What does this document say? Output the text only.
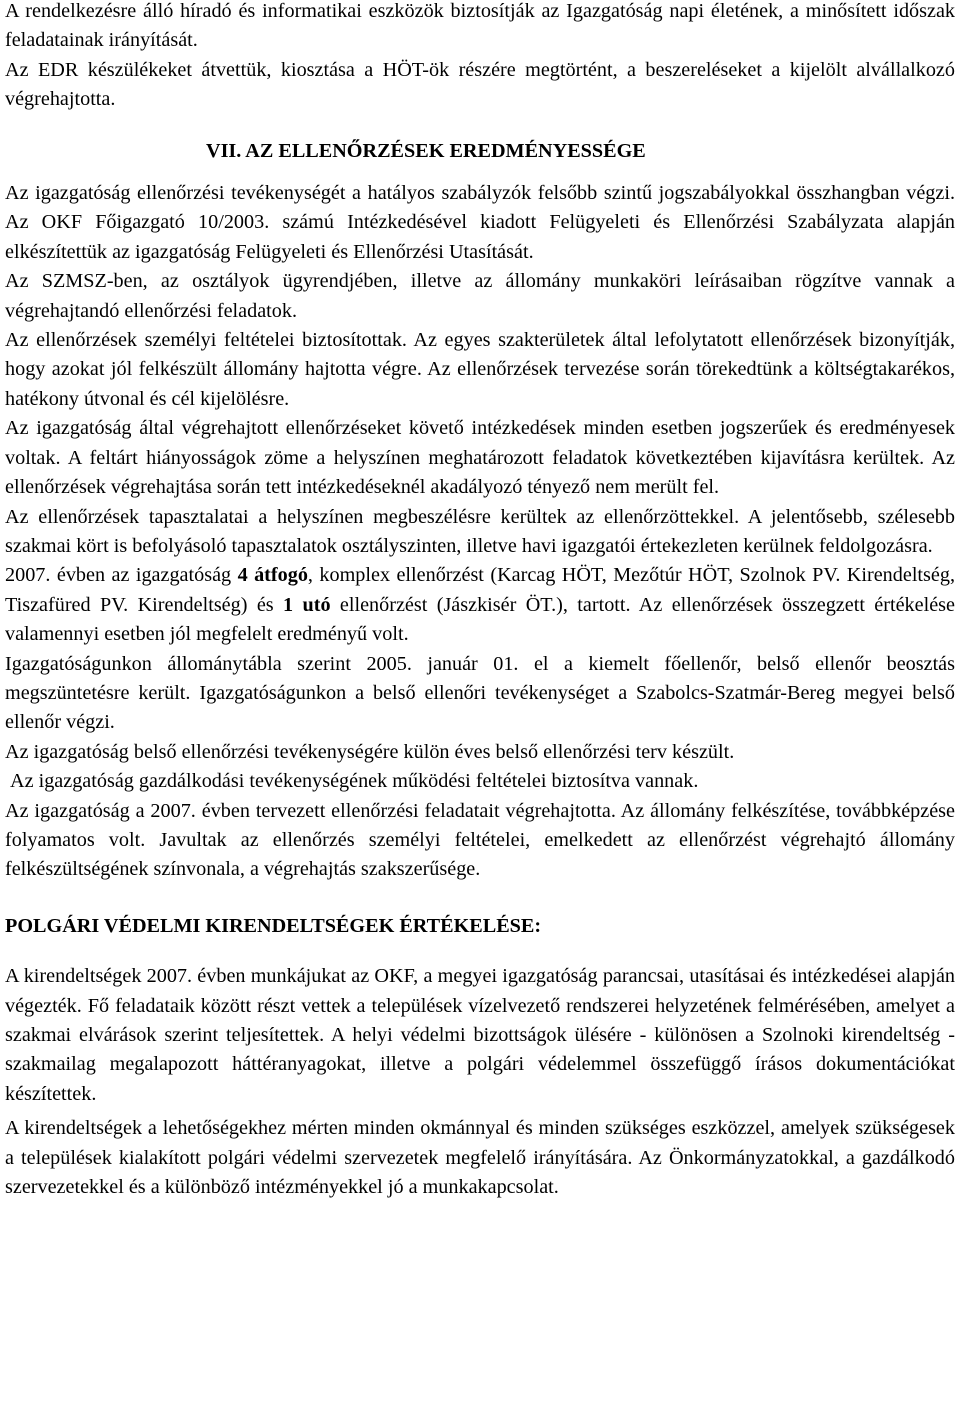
A rendelkezésre álló híradó és informatikai eszközök biztosítják az Igazgatóság napi életének, a minősített időszak feladatainak irányítását.

Az EDR készülékeket átvettük, kiosztása a HÖT-ök részére megtörtént, a beszereléseket a kijelölt alvállalkozó végrehajtotta.

VII. AZ ELLENŐRZÉSEK EREDMÉNYESSÉGE

Az igazgatóság ellenőrzési tevékenységét a hatályos szabályzók felsőbb szintű jogszabályokkal összhangban végzi. Az OKF Főigazgató 10/2003. számú Intézkedésével kiadott Felügyeleti és Ellenőrzési Szabályzata alapján elkészítettük az igazgatóság Felügyeleti és Ellenőrzési Utasítását.

Az SZMSZ-ben, az osztályok ügyrendjében, illetve az állomány munkaköri leírásaiban rögzítve vannak a végrehajtandó ellenőrzési feladatok.

Az ellenőrzések személyi feltételei biztosítottak. Az egyes szakterületek által lefolytatott ellenőrzések bizonyítják, hogy azokat jól felkészült állomány hajtotta végre. Az ellenőrzések tervezése során törekedtünk a költségtakarékos, hatékony útvonal és cél kijelölésre.

Az igazgatóság által végrehajtott ellenőrzéseket követő intézkedések minden esetben jogszerűek és eredményesek voltak. A feltárt hiányosságok zöme a helyszínen meghatározott feladatok következtében kijavításra kerültek. Az ellenőrzések végrehajtása során tett intézkedéseknél akadályozó tényező nem merült fel.

Az ellenőrzések tapasztalatai a helyszínen megbeszélésre kerültek az ellenőrzöttekkel. A jelentősebb, szélesebb szakmai kört is befolyásoló tapasztalatok osztályszinten, illetve havi igazgatói értekezleten kerülnek feldolgozásra.

2007. évben az igazgatóság 4 átfogó, komplex ellenőrzést (Karcag HÖT, Mezőtúr HÖT, Szolnok PV. Kirendeltség, Tiszafüred PV. Kirendeltség) és 1 utó ellenőrzést (Jászkisér ÖT.), tartott. Az ellenőrzések összegzett értékelése valamennyi esetben jól megfelelt eredményű volt.

Igazgatóságunkon állománytábla szerint 2005. január 01. el a kiemelt főellenőr, belső ellenőr beosztás megszüntetésre került. Igazgatóságunkon a belső ellenőri tevékenységet a Szabolcs-Szatmár-Bereg megyei belső ellenőr végzi.

Az igazgatóság belső ellenőrzési tevékenységére külön éves belső ellenőrzési terv készült.

Az igazgatóság gazdálkodási tevékenységének működési feltételei biztosítva vannak.

Az igazgatóság a 2007. évben tervezett ellenőrzési feladatait végrehajtotta. Az állomány felkészítése, továbbképzése folyamatos volt. Javultak az ellenőrzés személyi feltételei, emelkedett az ellenőrzést végrehajtó állomány felkészültségének színvonala, a végrehajtás szakszerűsége.

POLGÁRI VÉDELMI KIRENDELTSÉGEK ÉRTÉKELÉSE:

A kirendeltségek 2007. évben munkájukat az OKF, a megyei igazgatóság parancsai, utasításai és intézkedései alapján végezték. Fő feladataik között részt vettek a települések vízelvezető rendszerei helyzetének felmérésében, amelyet a szakmai elvárások szerint teljesítettek. A helyi védelmi bizottságok ülésére - különösen a Szolnoki kirendeltség - szakmailag megalapozott háttéranyagokat, illetve a polgári védelemmel összefüggő írásos dokumentációkat készítettek.

A kirendeltségek a lehetőségekhez mérten minden okmánnyal és minden szükséges eszközzel, amelyek szükségesek a települések kialakított polgári védelmi szervezetek megfelelő irányítására. Az Önkormányzatokkal, a gazdálkodó szervezetekkel és a különböző intézményekkel jó a munkakapcsolat.
